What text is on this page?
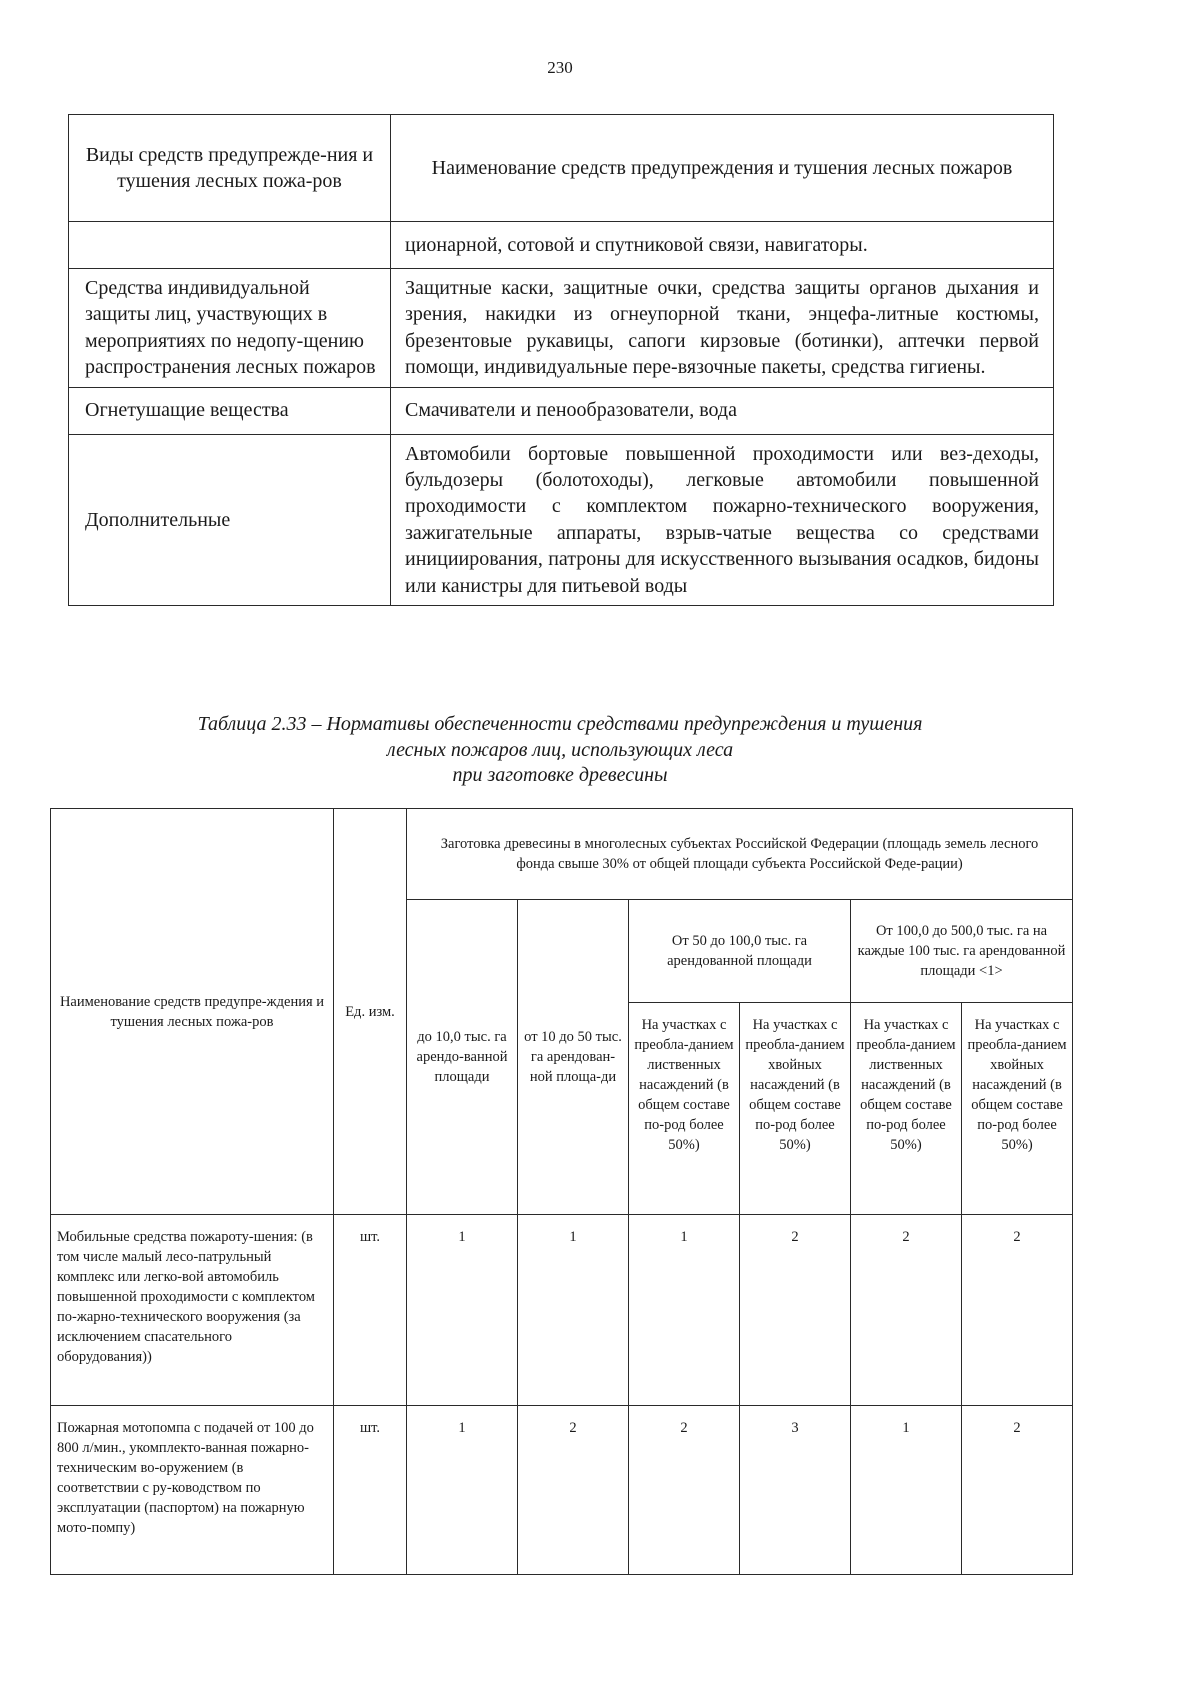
230
Виды средств предупрежде-ния и тушения лесных пожа-ров	Наименование средств предупреждения и тушения лесных пожаров
	ционарной, сотовой и спутниковой связи, навигаторы.
Средства индивидуальной защиты лиц, участвующих в мероприятиях по недопу-щению распространения лесных пожаров	Защитные каски, защитные очки, средства защиты органов дыхания и зрения, накидки из огнеупорной ткани, энцефа-литные костюмы, брезентовые рукавицы, сапоги кирзовые (ботинки), аптечки первой помощи, индивидуальные пере-вязочные пакеты, средства гигиены.
Огнетушащие вещества	Смачиватели и пенообразователи, вода
Дополнительные	Автомобили бортовые повышенной проходимости или вез-деходы, бульдозеры (болотоходы), легковые автомобили повышенной проходимости с комплектом пожарно-технического вооружения, зажигательные аппараты, взрыв-чатые вещества со средствами инициирования, патроны для искусственного вызывания осадков, бидоны или канистры для питьевой воды
Таблица 2.33 – Нормативы обеспеченности средствами предупреждения и тушения
лесных пожаров лиц, использующих леса
при заготовке древесины
Наименование средств предупре-ждения и тушения лесных пожа-ров	Ед. изм.	Заготовка древесины в многолесных субъектах Российской Федерации (площадь земель лесного фонда свыше 30% от общей площади субъекта Российской Феде-рации)					
		до 10,0 тыс. га арендо-ванной площади	от 10 до 50 тыс. га арендован-ной площа-ди	От 50 до 100,0 тыс. га арендованной площади		От 100,0 до 500,0 тыс. га на каждые 100 тыс. га арендованной площади <1>	
				На участках с преобла-данием лиственных насаждений (в общем составе по-род более 50%)	На участках с преобла-данием хвойных насаждений (в общем составе по-род более 50%)	На участках с преобла-данием лиственных насаждений (в общем составе по-род более 50%)	На участках с преобла-данием хвойных насаждений (в общем составе по-род более 50%)
Мобильные средства пожароту-шения: (в том числе малый лесо-патрульный комплекс или легко-вой автомобиль повышенной проходимости с комплектом по-жарно-технического вооружения (за исключением спасательного оборудования))	шт.	1	1	1	2	2	2
Пожарная мотопомпа с подачей от 100 до 800 л/мин., укомплекто-ванная пожарно-техническим во-оружением (в соответствии с ру-ководством по эксплуатации (паспортом) на пожарную мото-помпу)	шт.	1	2	2	3	1	2
